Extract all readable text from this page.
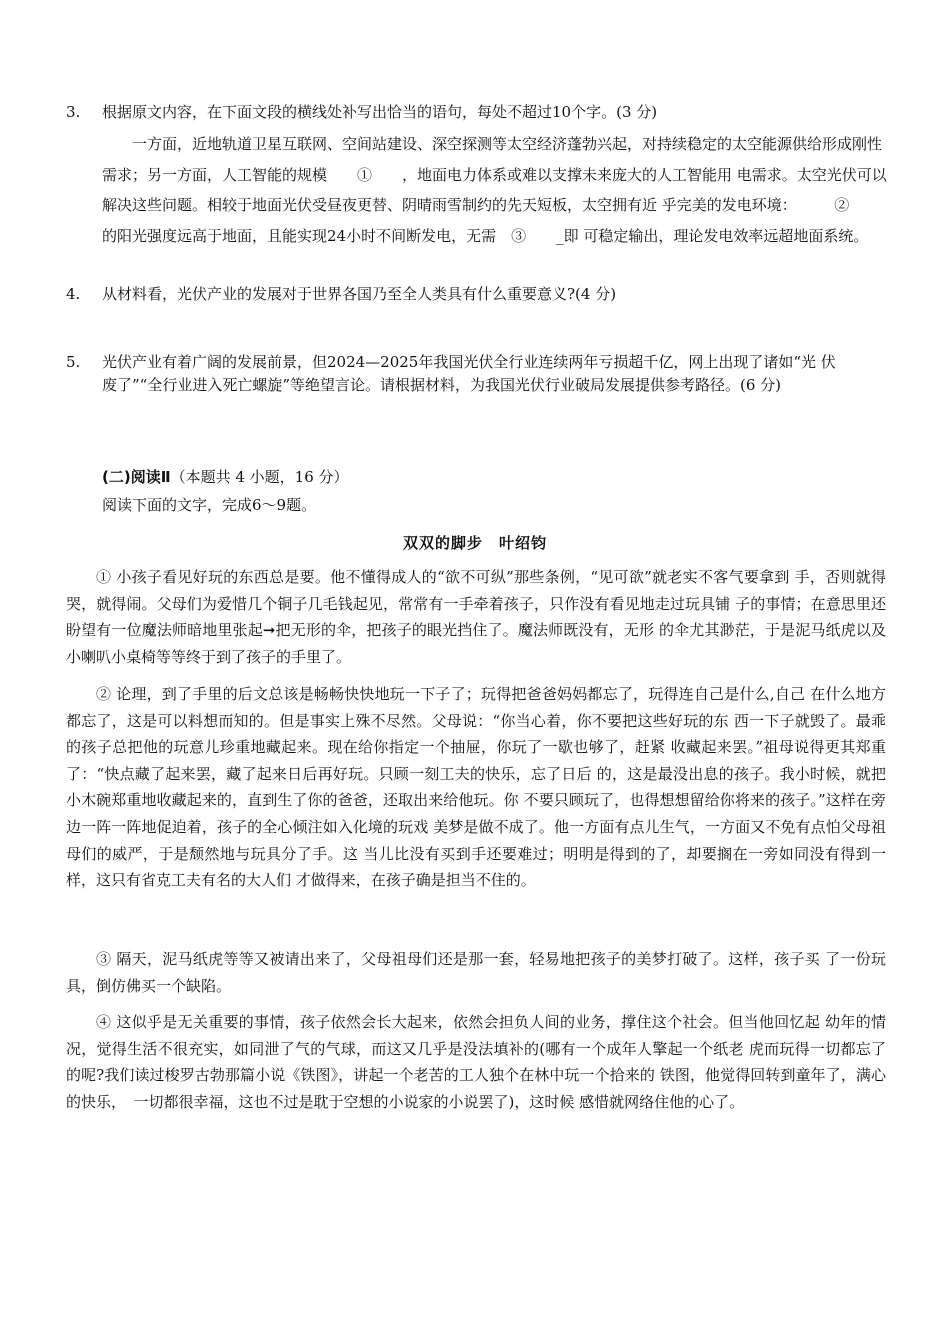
3. 根据原文内容，在下面文段的横线处补写出恰当的语句，每处不超过10个字。(3 分)
一方面，近地轨道卫星互联网、空间站建设、深空探测等太空经济蓬勃兴起，对持续稳定的太空能源供给形成刚性需求；另一方面，人工智能的规模　　①　　，地面电力体系或难以支撑未来庞大的人工智能用 电需求。太空光伏可以解决这些问题。相较于地面光伏受昼夜更替、阴晴雨雪制约的先天短板，太空拥有近 乎完美的发电环境：　　　②　　　的阳光强度远高于地面，且能实现24小时不间断发电，无需　③　　_即 可稳定输出，理论发电效率远超地面系统。
4. 从材料看，光伏产业的发展对于世界各国乃至全人类具有什么重要意义?(4 分)
5. 光伏产业有着广阔的发展前景，但2024—2025年我国光伏全行业连续两年亏损超千亿，网上出现了诸如“光 伏废了”“全行业进入死亡螺旋”等绝望言论。请根据材料，为我国光伏行业破局发展提供参考路径。(6 分)
(二)阅读Ⅱ（本题共 4 小题，16 分）
阅读下面的文字，完成6～9题。
双双的脚步　叶绍钧
① 小孩子看见好玩的东西总是要。他不懂得成人的“欲不可纵”那些条例，“见可欲”就老实不客气要拿到 手，否则就得哭，就得闹。父母们为爱惜几个铜子几毛钱起见，常常有一手牵着孩子，只作没有看见地走过玩具铺 子的事情；在意思里还盼望有一位魔法师暗地里张起➞把无形的伞，把孩子的眼光挡住了。魔法师既没有，无形 的伞尤其渺茫，于是泥马纸虎以及小喇叭小桌椅等等终于到了孩子的手里了。
② 论理，到了手里的后文总该是畅畅快快地玩一下子了；玩得把爸爸妈妈都忘了，玩得连自己是什么,自己 在什么地方都忘了，这是可以料想而知的。但是事实上殊不尽然。父母说：“你当心着，你不要把这些好玩的东 西一下子就毁了。最乖的孩子总把他的玩意儿珍重地藏起来。现在给你指定一个抽屉，你玩了一歇也够了，赶紧 收藏起来罢。”祖母说得更其郑重了：“快点藏了起来罢，藏了起来日后再好玩。只顾一刻工夫的快乐，忘了日后 的，这是最没出息的孩子。我小时候，就把小木碗郑重地收藏起来的，直到生了你的爸爸，还取出来给他玩。你 不要只顾玩了，也得想想留给你将来的孩子。”这样在旁边一阵一阵地促迫着，孩子的全心倾注如入化境的玩戏 美梦是做不成了。他一方面有点儿生气，一方面又不免有点怕父母祖母们的威严，于是颓然地与玩具分了手。这 当儿比没有买到手还要难过；明明是得到的了，却要搁在一旁如同没有得到一样，这只有省克工夫有名的大人们 才做得来，在孩子确是担当不住的。
③ 隔天，泥马纸虎等等又被请出来了，父母祖母们还是那一套，轻易地把孩子的美梦打破了。这样，孩子买 了一份玩具，倒仿佛买一个缺陷。
④ 这似乎是无关重要的事情，孩子依然会长大起来，依然会担负人间的业务，撑住这个社会。但当他回忆起 幼年的情况，觉得生活不很充实，如同泄了气的气球，而这又几乎是没法填补的(哪有一个成年人擎起一个纸老 虎而玩得一切都忘了的呢?我们读过梭罗古勃那篇小说《铁图》，讲起一个老苦的工人独个在林中玩一个拾来的 铁图，他觉得回转到童年了，满心的快乐，　一切都很幸福，这也不过是耽于空想的小说家的小说罢了)，这时候 感惜就网络住他的心了。
